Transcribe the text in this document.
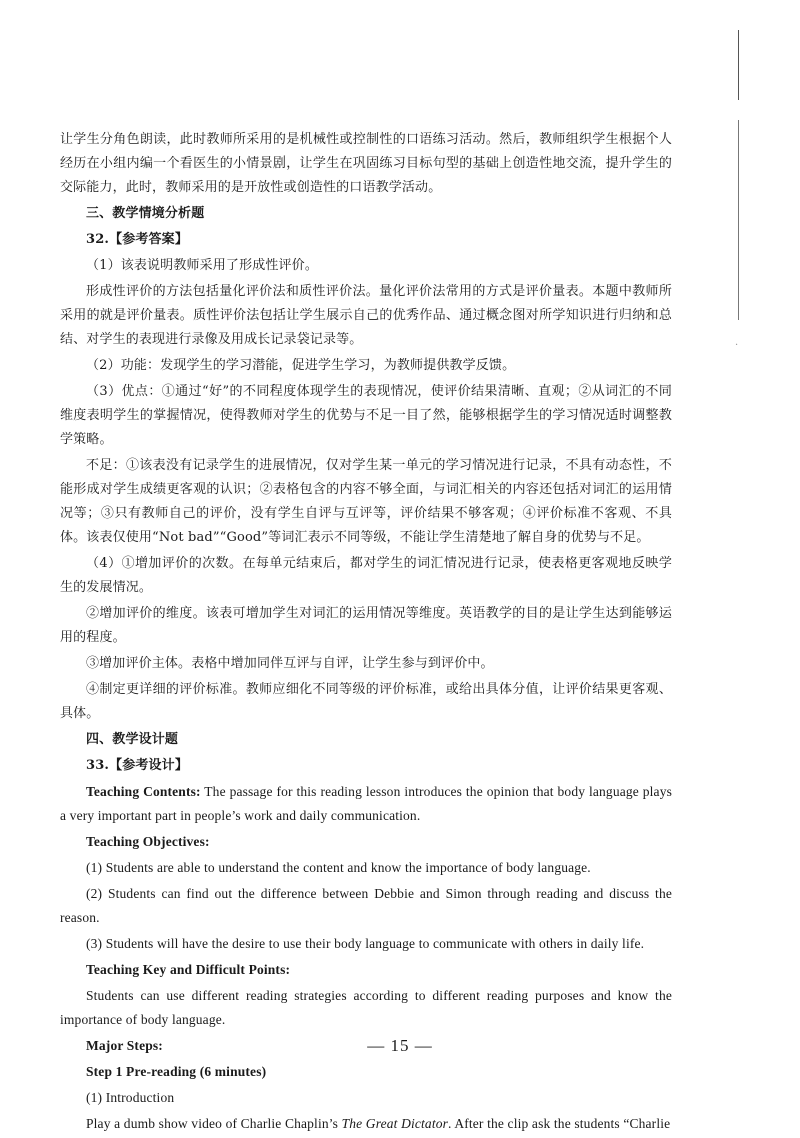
让学生分角色朗读，此时教师所采用的是机械性或控制性的口语练习活动。然后，教师组织学生根据个人经历在小组内编一个看医生的小情景剧，让学生在巩固练习目标句型的基础上创造性地交流，提升学生的交际能力，此时，教师采用的是开放性或创造性的口语教学活动。

三、教学情境分析题

32.【参考答案】

（1）该表说明教师采用了形成性评价。

形成性评价的方法包括量化评价法和质性评价法。量化评价法常用的方式是评价量表。本题中教师所采用的就是评价量表。质性评价法包括让学生展示自己的优秀作品、通过概念图对所学知识进行归纳和总结、对学生的表现进行录像及用成长记录袋记录等。

（2）功能：发现学生的学习潜能，促进学生学习，为教师提供教学反馈。

（3）优点：①通过“好”的不同程度体现学生的表现情况，使评价结果清晰、直观；②从词汇的不同维度表明学生的掌握情况，使得教师对学生的优势与不足一目了然，能够根据学生的学习情况适时调整教学策略。

不足：①该表没有记录学生的进展情况，仅对学生某一单元的学习情况进行记录，不具有动态性，不能形成对学生成绩更客观的认识；②表格包含的内容不够全面，与词汇相关的内容还包括对词汇的运用情况等；③只有教师自己的评价，没有学生自评与互评等，评价结果不够客观；④评价标准不客观、不具体。该表仅使用“Not bad”“Good”等词汇表示不同等级，不能让学生清楚地了解自身的优势与不足。

（4）①增加评价的次数。在每单元结束后，都对学生的词汇情况进行记录，使表格更客观地反映学生的发展情况。

②增加评价的维度。该表可增加学生对词汇的运用情况等维度。英语教学的目的是让学生达到能够运用的程度。

③增加评价主体。表格中增加同伴互评与自评，让学生参与到评价中。

④制定更详细的评价标准。教师应细化不同等级的评价标准，或给出具体分值，让评价结果更客观、具体。

四、教学设计题

33.【参考设计】

Teaching Contents: The passage for this reading lesson introduces the opinion that body language plays a very important part in people’s work and daily communication.

Teaching Objectives:

(1) Students are able to understand the content and know the importance of body language.

(2) Students can find out the difference between Debbie and Simon through reading and discuss the reason.

(3) Students will have the desire to use their body language to communicate with others in daily life.

Teaching Key and Difficult Points:

Students can use different reading strategies according to different reading purposes and know the importance of body language.

Major Steps:

Step 1 Pre-reading (6 minutes)

(1) Introduction

Play a dumb show video of Charlie Chaplin’s The Great Dictator. After the clip ask the students “Charlie

·
— 15 —
